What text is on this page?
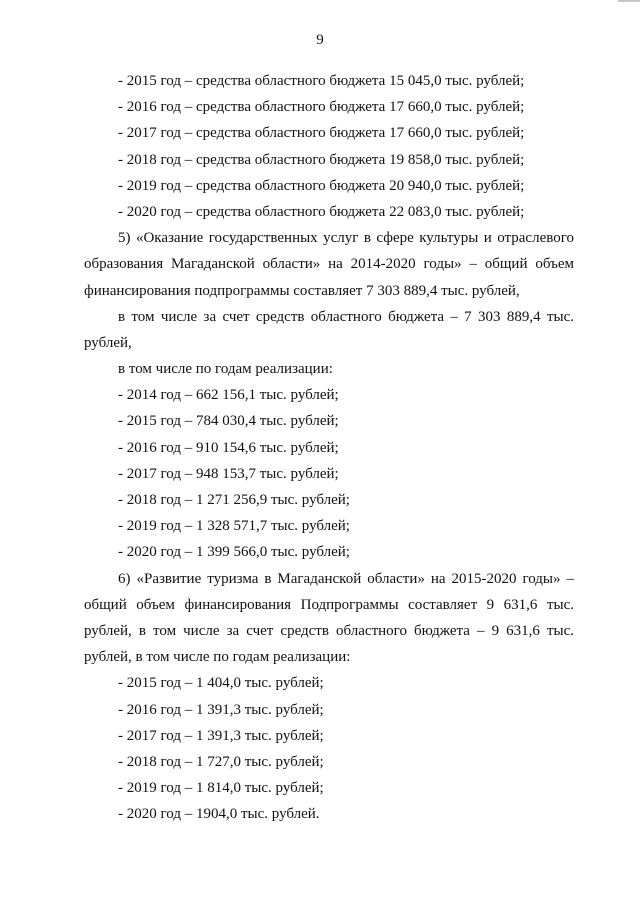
9
- 2015 год – средства областного бюджета 15 045,0 тыс. рублей;
- 2016 год – средства областного бюджета 17 660,0 тыс. рублей;
- 2017 год – средства областного бюджета 17 660,0 тыс. рублей;
- 2018 год – средства областного бюджета 19 858,0 тыс. рублей;
- 2019 год – средства областного бюджета 20 940,0 тыс. рублей;
- 2020 год – средства областного бюджета 22 083,0 тыс. рублей;
5) «Оказание государственных услуг в сфере культуры и отраслевого
образования Магаданской области» на 2014-2020 годы» – общий объем
финансирования подпрограммы составляет 7 303 889,4 тыс. рублей,
в том числе за счет средств областного бюджета – 7 303 889,4 тыс.
рублей,
в том числе по годам реализации:
- 2014 год – 662 156,1 тыс. рублей;
- 2015 год – 784 030,4 тыс. рублей;
- 2016 год – 910 154,6 тыс. рублей;
- 2017 год – 948 153,7 тыс. рублей;
- 2018 год – 1 271 256,9 тыс. рублей;
- 2019 год – 1 328 571,7 тыс. рублей;
- 2020 год – 1 399 566,0 тыс. рублей;
6) «Развитие туризма в Магаданской области» на 2015-2020 годы» –
общий объем финансирования Подпрограммы составляет 9 631,6 тыс.
рублей, в том числе за счет средств областного бюджета – 9 631,6 тыс.
рублей, в том числе по годам реализации:
- 2015 год – 1 404,0 тыс. рублей;
- 2016 год – 1 391,3 тыс. рублей;
- 2017 год – 1 391,3 тыс. рублей;
- 2018 год – 1 727,0 тыс. рублей;
- 2019 год – 1 814,0 тыс. рублей;
- 2020 год – 1904,0 тыс. рублей.
